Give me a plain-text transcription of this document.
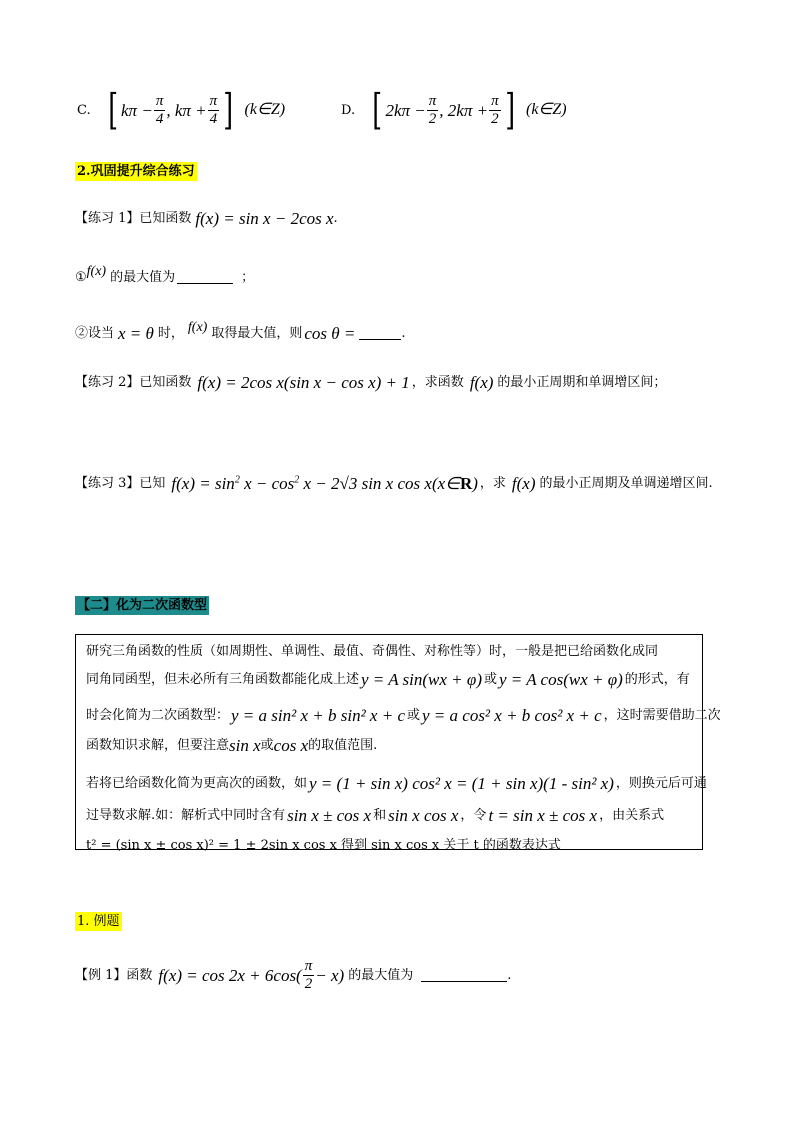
C. [ $k\pi - \frac{\pi}{4}$ , $k\pi + \frac{\pi}{4}$ ] (k∈Z)	D. [ $2k\pi - \frac{\pi}{2}$ , $2k\pi + \frac{\pi}{2}$ ] (k∈Z)
2.巩固提升综合练习
【练习 1】已知函数 f(x) = sin x − 2cos x .
① f(x) 的最大值为	；
②设当 x = θ 时， f(x) 取得最大值，则 cos θ =	.
【练习 2】已知函数 f(x) = 2cos x(sin x − cos x) + 1 ，求函数 f(x) 的最小正周期和单调增区间；
【练习 3】已知 $f(x) = \sin^2 x - \cos^2 x - 2√3$ sin x cos x(x∈R) ，求 f(x) 的最小正周期及单调递增区间.
【二】化为二次函数型
研究三角函数的性质（如周期性、单调性、最值、奇偶性、对称性等）时，一般是把已给函数化成同
同角同函型，但未必所有三角函数都能化成上述 y = A sin(wx + φ) 或 y = A cos(wx + φ) 的形式，有
时会化简为二次函数型： y = a sin² x + b sin² x + c 或 y = a cos² x + b cos² x + c ，这时需要借助二次
函数知识求解，但要注意 sin x 或 cos x 的取值范围.
若将已给函数化简为更高次的函数，如 y = (1 + sin x) cos² x = (1 + sin x)(1 - sin² x) ，则换元后可通
过导数求解.如：解析式中同时含有 sin x ± cos x 和 sin x cos x ，令 t = sin x ± cos x ，由关系式
t² = (sin x ± cos x)² = 1 ± 2sin x cos x 得到 sin x cos x 关于 t 的函数表达式
1. 例题
【例 1】函数 $f(x) = \cos 2x + 6\cos( \frac{\pi}{2} - x)$ 的最大值为	.
